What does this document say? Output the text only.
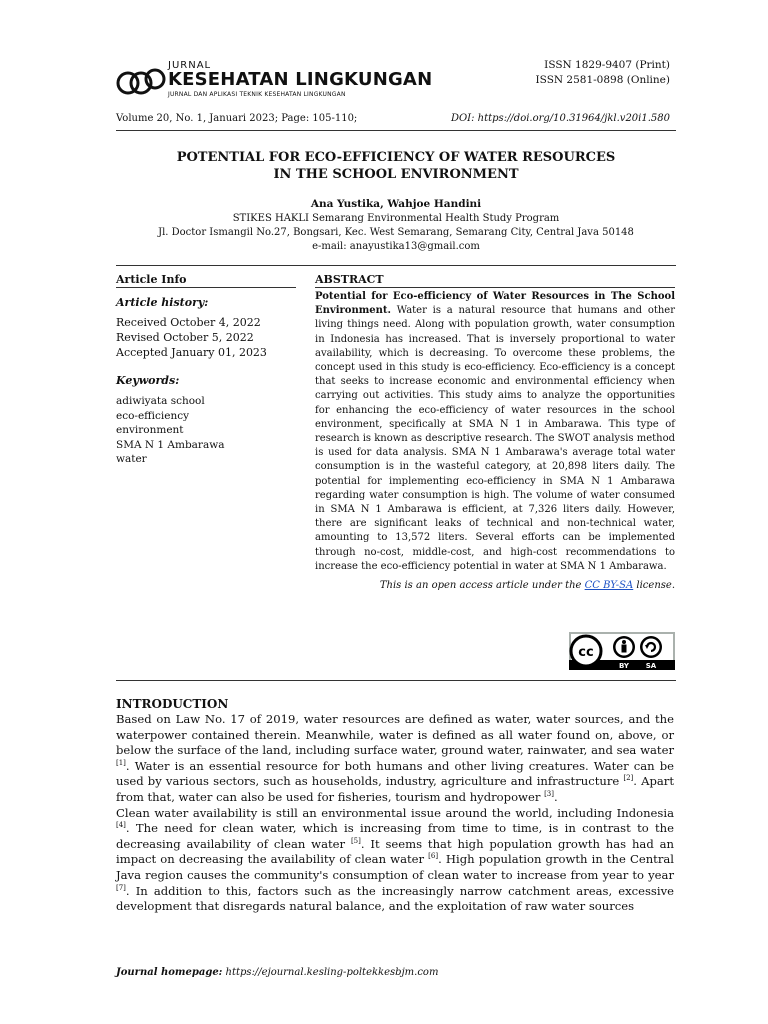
JURNAL
KESEHATAN LINGKUNGAN
JURNAL DAN APLIKASI TEKNIK KESEHATAN LINGKUNGAN
ISSN 1829-9407 (Print)
ISSN 2581-0898 (Online)
Volume 20, No. 1, Januari 2023; Page: 105-110;	DOI: https://doi.org/10.31964/jkl.v20i1.580
POTENTIAL FOR ECO-EFFICIENCY OF WATER RESOURCES
IN THE SCHOOL ENVIRONMENT
Ana Yustika, Wahjoe Handini
STIKES HAKLI Semarang Environmental Health Study Program
Jl. Doctor Ismangil No.27, Bongsari, Kec. West Semarang, Semarang City, Central Java 50148
e-mail: anayustika13@gmail.com
Article Info
Article history:
Received October 4, 2022
Revised October 5, 2022
Accepted January 01, 2023
Keywords:
adiwiyata school
eco-efficiency
environment
SMA N 1 Ambarawa
water
ABSTRACT
Potential for Eco-efficiency of Water Resources in The School Environment. Water is a natural resource that humans and other living things need. Along with population growth, water consumption in Indonesia has increased. That is inversely proportional to water availability, which is decreasing. To overcome these problems, the concept used in this study is eco-efficiency. Eco-efficiency is a concept that seeks to increase economic and environmental efficiency when carrying out activities. This study aims to analyze the opportunities for enhancing the eco-efficiency of water resources in the school environment, specifically at SMA N 1 in Ambarawa. This type of research is known as descriptive research. The SWOT analysis method is used for data analysis. SMA N 1 Ambarawa's average total water consumption is in the wasteful category, at 20,898 liters daily. The potential for implementing eco-efficiency in SMA N 1 Ambarawa regarding water consumption is high. The volume of water consumed in SMA N 1 Ambarawa is efficient, at 7,326 liters daily. However, there are significant leaks of technical and non-technical water, amounting to 13,572 liters. Several efforts can be implemented through no-cost, middle-cost, and high-cost recommendations to increase the eco-efficiency potential in water at SMA N 1 Ambarawa.
This is an open access article under the CC BY-SA license.
cc
BY SA
INTRODUCTION

Based on Law No. 17 of 2019, water resources are defined as water, water sources, and the waterpower contained therein. Meanwhile, water is defined as all water found on, above, or below the surface of the land, including surface water, ground water, rainwater, and sea water [1]. Water is an essential resource for both humans and other living creatures. Water can be used by various sectors, such as households, industry, agriculture and infrastructure [2]. Apart from that, water can also be used for fisheries, tourism and hydropower [3].

Clean water availability is still an environmental issue around the world, including Indonesia [4]. The need for clean water, which is increasing from time to time, is in contrast to the decreasing availability of clean water [5]. It seems that high population growth has had an impact on decreasing the availability of clean water [6]. High population growth in the Central Java region causes the community's consumption of clean water to increase from year to year [7]. In addition to this, factors such as the increasingly narrow catchment areas, excessive development that disregards natural balance, and the exploitation of raw water sources

Journal homepage: https://ejournal.kesling-poltekkesbjm.com
